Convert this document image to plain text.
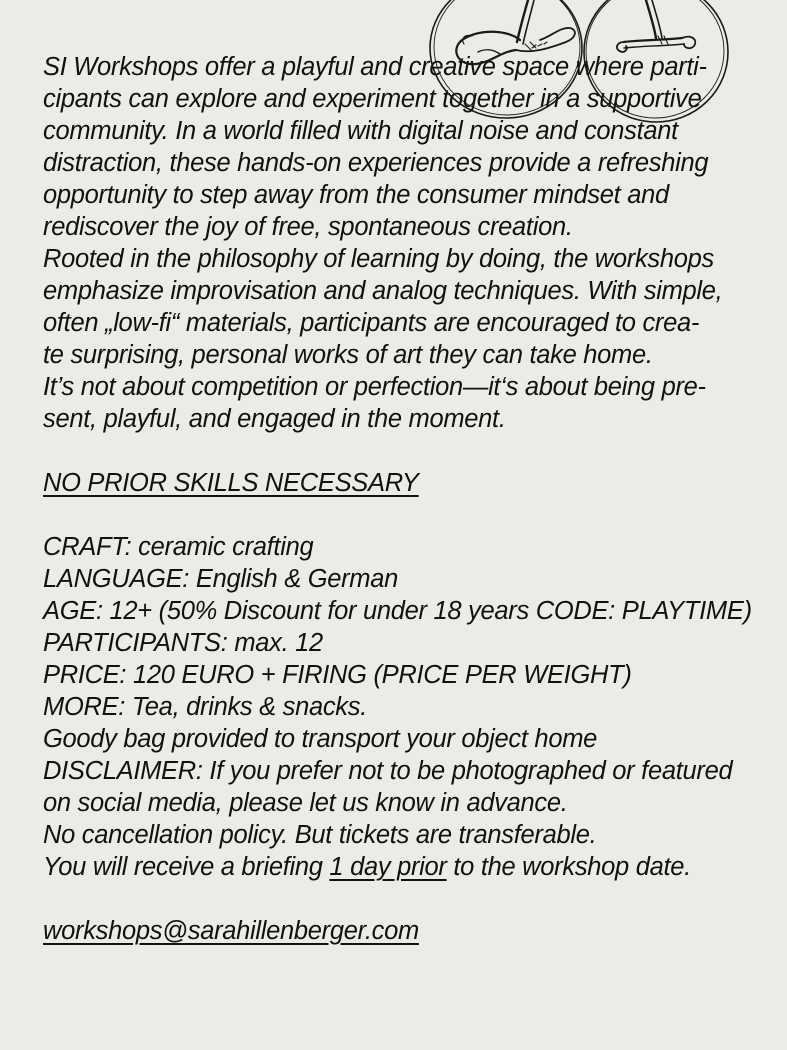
SI Workshops offer a playful and creative space where parti-
cipants can explore and experiment together in a supportive
community. In a world filled with digital noise and constant
distraction, these hands-on experiences provide a refreshing
opportunity to step away from the consumer mindset and
rediscover the joy of free, spontaneous creation.
Rooted in the philosophy of learning by doing, the workshops
emphasize improvisation and analog techniques. With simple,
often „low-fi“ materials, participants are encouraged to crea-
te surprising, personal works of art they can take home.
It’s not about competition or perfection—it‘s about being pre-
sent, playful, and engaged in the moment.
NO PRIOR SKILLS NECESSARY
CRAFT: ceramic crafting
LANGUAGE: English & German
AGE: 12+ (50% Discount for under 18 years CODE: PLAYTIME)
PARTICIPANTS: max. 12
PRICE: 120 EURO + FIRING (PRICE PER WEIGHT)
MORE: Tea, drinks & snacks.
Goody bag provided to transport your object home
DISCLAIMER: If you prefer not to be photographed or featured
on social media, please let us know in advance.
No cancellation policy. But tickets are transferable.
You will receive a briefing 1 day prior to the workshop date.
workshops@sarahillenberger.com
